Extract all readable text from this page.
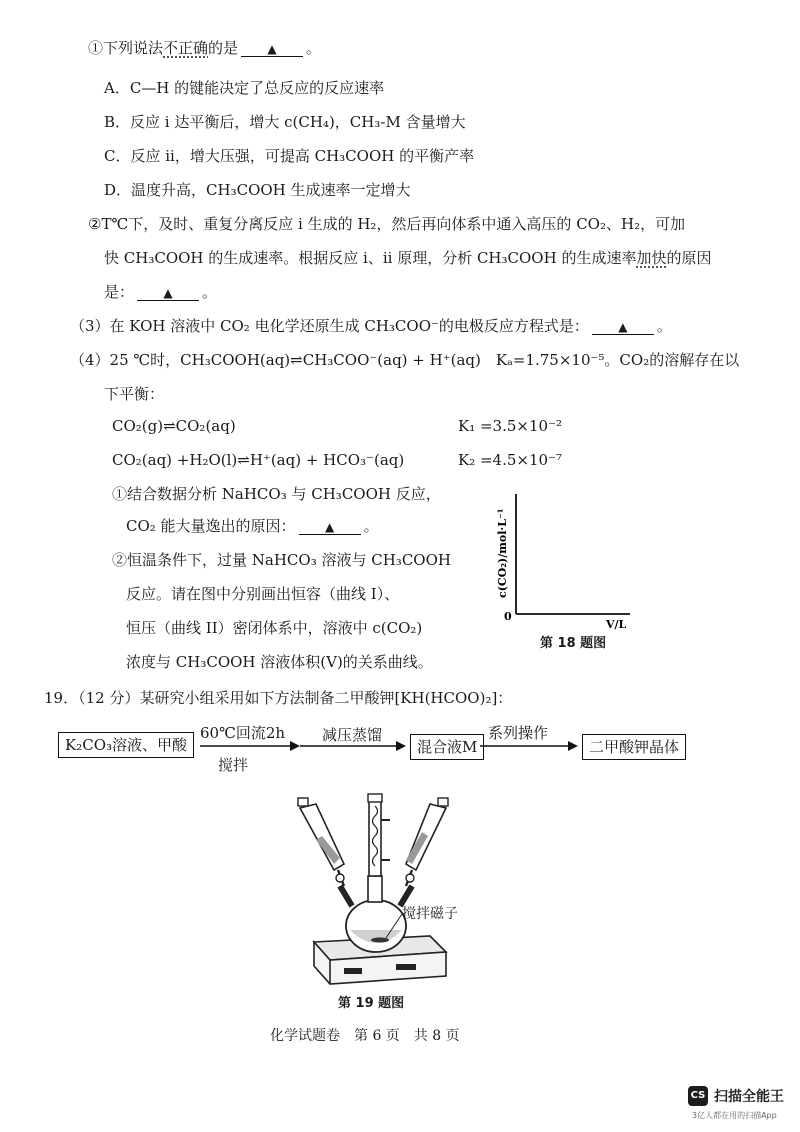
①下列说法不正确的是 ▲ 。
A．C—H 的键能决定了总反应的反应速率
B．反应 i 达平衡后，增大 c(CH₄)，CH₃-M 含量增大
C．反应 ii，增大压强，可提高 CH₃COOH 的平衡产率
D．温度升高，CH₃COOH 生成速率一定增大
②T℃下，及时、重复分离反应 i 生成的 H₂，然后再向体系中通入高压的 CO₂、H₂，可加
快 CH₃COOH 的生成速率。根据反应 i、ii 原理，分析 CH₃COOH 的生成速率加快的原因
是： ▲ 。
（3）在 KOH 溶液中 CO₂ 电化学还原生成 CH₃COO⁻的电极反应方程式是： ▲ 。
（4）25 ℃时，CH₃COOH(aq)⇌CH₃COO⁻(aq) + H⁺(aq)　Kₐ=1.75×10⁻⁵。CO₂的溶解存在以
下平衡：
CO₂(g)⇌CO₂(aq)	K₁ =3.5×10⁻²
CO₂(aq) +H₂O(l)⇌H⁺(aq) + HCO₃⁻(aq)	K₂ =4.5×10⁻⁷
①结合数据分析 NaHCO₃ 与 CH₃COOH 反应，
CO₂ 能大量逸出的原因： ▲ 。
②恒温条件下，过量 NaHCO₃ 溶液与 CH₃COOH
反应。请在图中分别画出恒容（曲线 I）、
恒压（曲线 II）密闭体系中，溶液中 c(CO₂)
浓度与 CH₃COOH 溶液体积(V)的关系曲线。
c(CO₂)/mol·L⁻¹
V/L
0
第 18 题图
19．（12 分）某研究小组采用如下方法制备二甲酸钾[KH(HCOO)₂]：
K₂CO₃溶液、甲酸
60℃回流2h
搅拌
减压蒸馏
混合液M
系列操作
二甲酸钾晶体
搅拌磁子
第 19 题图
化学试题卷　第 6 页　共 8 页
CS 扫描全能王
3亿人都在用的扫描App
